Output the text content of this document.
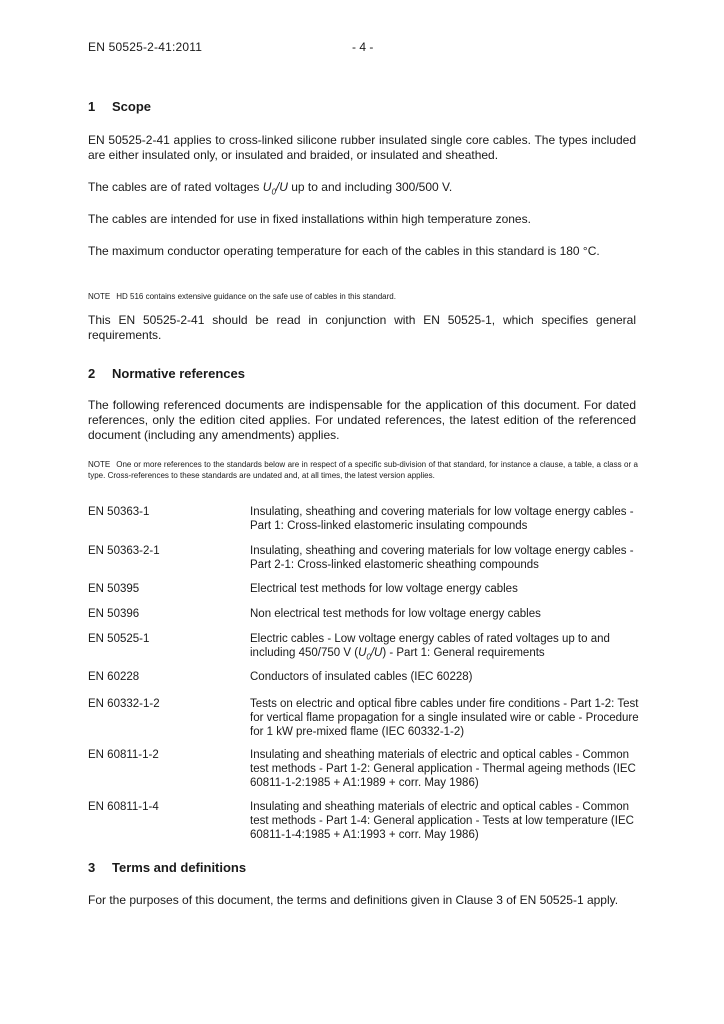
EN 50525-2-41:2011	- 4 -
1 Scope
EN 50525-2-41 applies to cross-linked silicone rubber insulated single core cables. The types included are either insulated only, or insulated and braided, or insulated and sheathed.
The cables are of rated voltages $U_0/U$ up to and including 300/500 V.
The cables are intended for use in fixed installations within high temperature zones.
The maximum conductor operating temperature for each of the cables in this standard is 180 °C.
NOTE HD 516 contains extensive guidance on the safe use of cables in this standard.
This EN 50525-2-41 should be read in conjunction with EN 50525-1, which specifies general requirements.
2 Normative references
The following referenced documents are indispensable for the application of this document. For dated references, only the edition cited applies. For undated references, the latest edition of the referenced document (including any amendments) applies.
NOTE One or more references to the standards below are in respect of a specific sub-division of that standard, for instance a clause, a table, a class or a type. Cross-references to these standards are undated and, at all times, the latest version applies.
EN 50363-1	Insulating, sheathing and covering materials for low voltage energy cables - Part 1: Cross-linked elastomeric insulating compounds
EN 50363-2-1	Insulating, sheathing and covering materials for low voltage energy cables - Part 2-1: Cross-linked elastomeric sheathing compounds
EN 50395	Electrical test methods for low voltage energy cables
EN 50396	Non electrical test methods for low voltage energy cables
EN 50525-1	Electric cables - Low voltage energy cables of rated voltages up to and including 450/750 V $(U_0/U)$ - Part 1: General requirements
EN 60228	Conductors of insulated cables (IEC 60228)
EN 60332-1-2	Tests on electric and optical fibre cables under fire conditions - Part 1-2: Test for vertical flame propagation for a single insulated wire or cable - Procedure for 1 kW pre-mixed flame (IEC 60332-1-2)
EN 60811-1-2	Insulating and sheathing materials of electric and optical cables - Common test methods - Part 1-2: General application - Thermal ageing methods (IEC 60811-1-2:1985 + A1:1989 + corr. May 1986)
EN 60811-1-4	Insulating and sheathing materials of electric and optical cables - Common test methods - Part 1-4: General application - Tests at low temperature (IEC 60811-1-4:1985 + A1:1993 + corr. May 1986)
3 Terms and definitions
For the purposes of this document, the terms and definitions given in Clause 3 of EN 50525-1 apply.
